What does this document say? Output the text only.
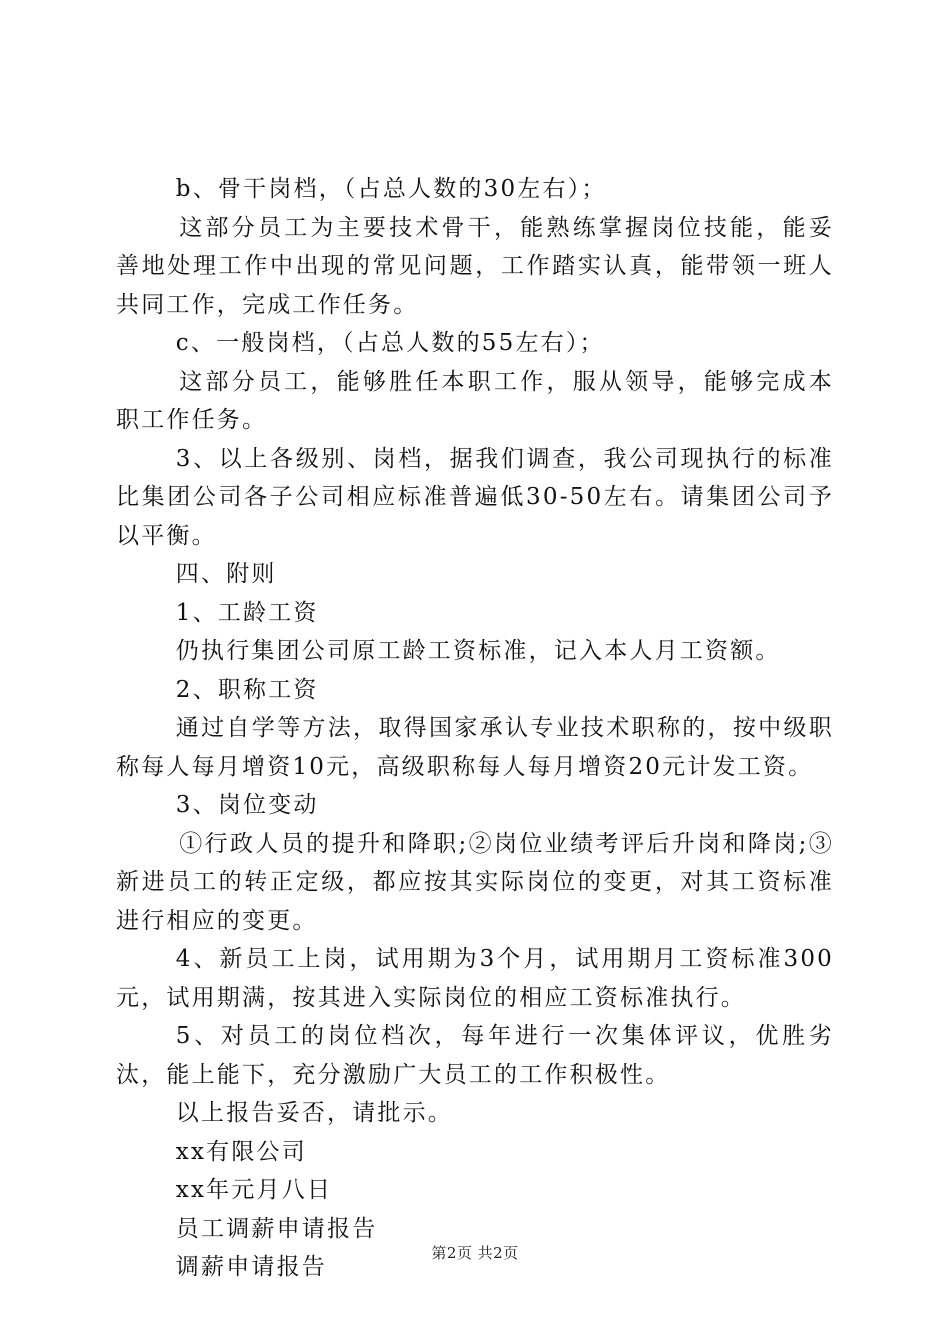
b、骨干岗档，（占总人数的30左右）；

这部分员工为主要技术骨干，能熟练掌握岗位技能，能妥善地处理工作中出现的常见问题，工作踏实认真，能带领一班人共同工作，完成工作任务。

c、一般岗档，（占总人数的55左右）；

这部分员工，能够胜任本职工作，服从领导，能够完成本职工作任务。

3、以上各级别、岗档，据我们调查，我公司现执行的标准比集团公司各子公司相应标准普遍低30-50左右。请集团公司予以平衡。

四、附则

1、工龄工资

仍执行集团公司原工龄工资标准，记入本人月工资额。

2、职称工资

通过自学等方法，取得国家承认专业技术职称的，按中级职称每人每月增资10元，高级职称每人每月增资20元计发工资。

3、岗位变动

①行政人员的提升和降职;②岗位业绩考评后升岗和降岗;③新进员工的转正定级，都应按其实际岗位的变更，对其工资标准进行相应的变更。

4、新员工上岗，试用期为3个月，试用期月工资标准300元，试用期满，按其进入实际岗位的相应工资标准执行。

5、对员工的岗位档次，每年进行一次集体评议，优胜劣汰，能上能下，充分激励广大员工的工作积极性。

以上报告妥否，请批示。

xx有限公司

xx年元月八日

员工调薪申请报告

调薪申请报告

第2页 共2页
